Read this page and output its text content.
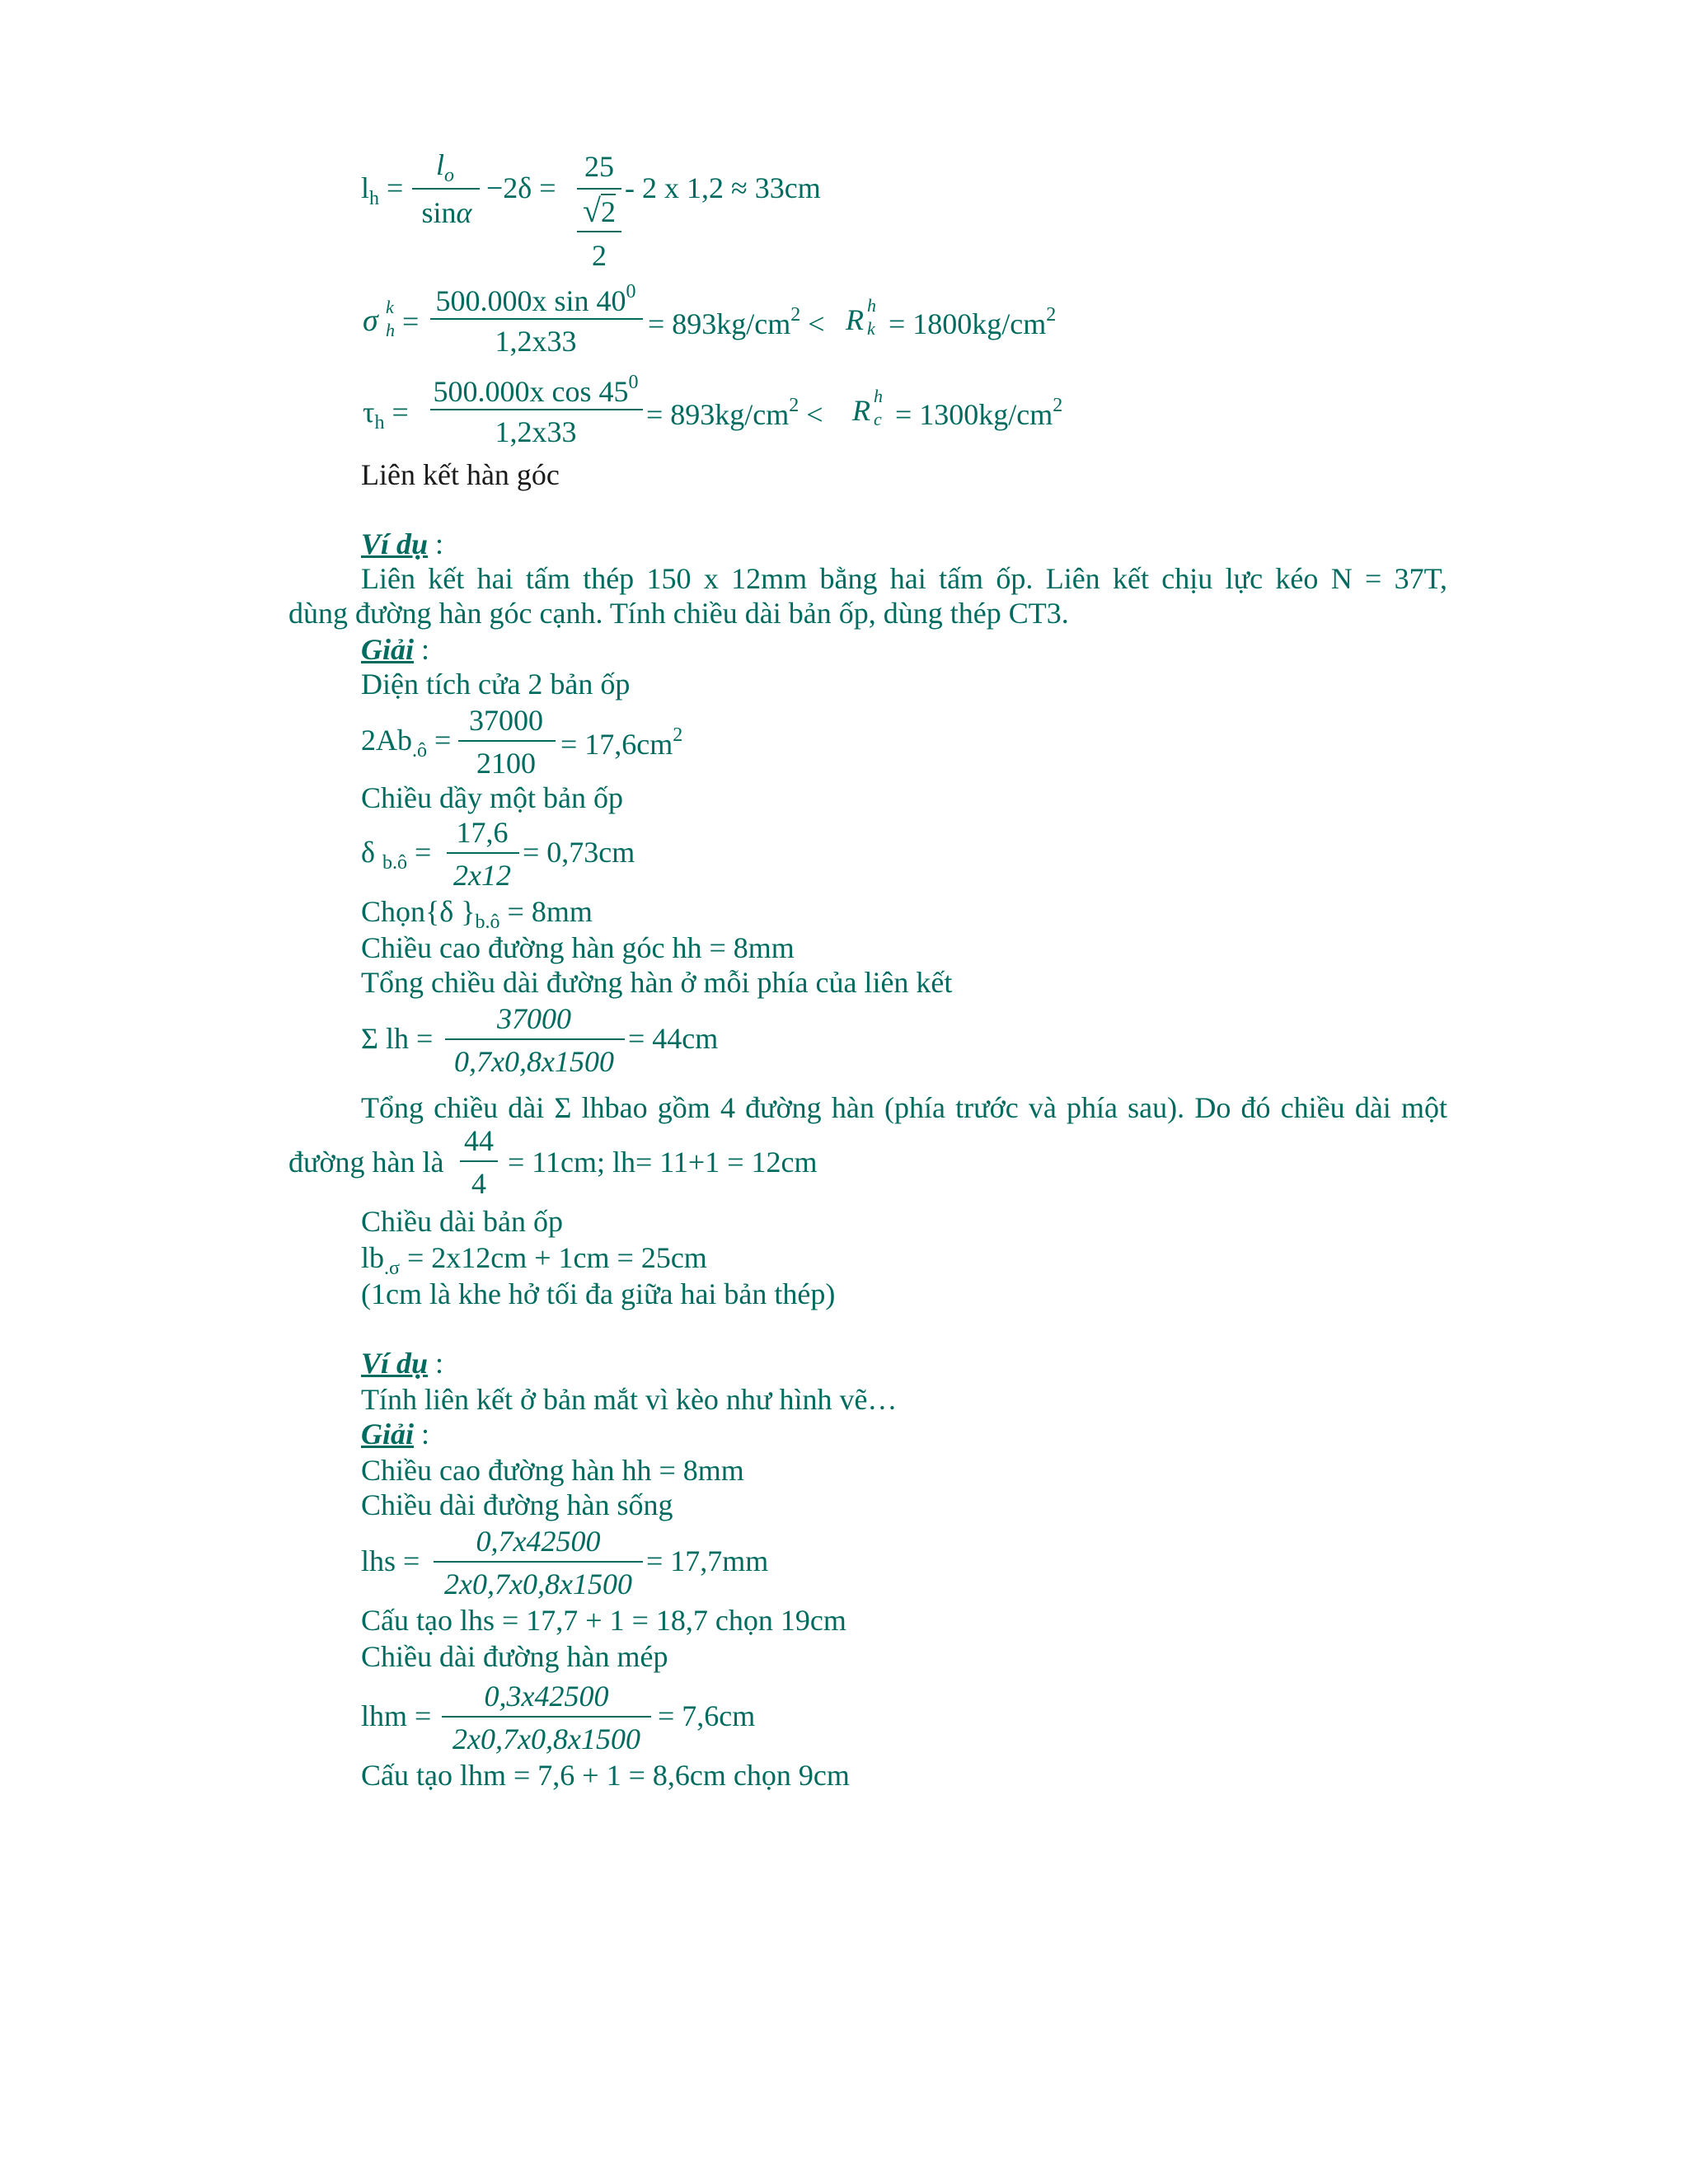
$l_h$ =
$l_o$
sinα
−2δ =
25
√2
2
- 2 x 1,2 ≈ 33cm
σ k
h =
500.000x $\sin 40^0$
1,2x33
= $893kg/cm^2 < R$ h
$k = 1800kg/cm^2$
$\tau_h$ =
500.000x $\cos 45^0$
1,2x33
= $893kg/cm^2 < R$ h
$c = 1300kg/cm^2$
Liên kết hàn góc
Ví dụ :
Liên kết hai tấm thép 150 x 12mm bằng hai tấm ốp. Liên kết chịu lực kéo N = 37T,
dùng đường hàn góc cạnh. Tính chiều dài bản ốp, dùng thép CT3.
Giải :
Diện tích cửa 2 bản ốp
$2Ab_{.ô}$ =
37000
2100
= $17,6cm^2$
Chiều dầy một bản ốp
δ $_{b.ô}$ =
17,6
2x12
= 0,73cm
Chọn{δ }$_{b.ô} = 8mm$
Chiều cao đường hàn góc hh = 8mm
Tổng chiều dài đường hàn ở mỗi phía của liên kết
Σ lh =
37000
0,7x0,8x1500
= 44cm
Tổng chiều dài Σ lhbao gồm 4 đường hàn (phía trước và phía sau). Do đó chiều dài một
đường hàn là
44
4
= 11cm; lh= 11+1 = 12cm
Chiều dài bản ốp
$lb_{.\sigma} = 2x12cm + 1cm = 25cm$
(1cm là khe hở tối đa giữa hai bản thép)
Ví dụ :
Tính liên kết ở bản mắt vì kèo như hình vẽ…
Giải :
Chiều cao đường hàn hh = 8mm
Chiều dài đường hàn sống
lhs =
0,7x42500
2x0,7x0,8x1500
= 17,7mm
Cấu tạo lhs = 17,7 + 1 = 18,7 chọn 19cm
Chiều dài đường hàn mép
lhm =
0,3x42500
2x0,7x0,8x1500
= 7,6cm
Cấu tạo lhm = 7,6 + 1 = 8,6cm chọn 9cm
